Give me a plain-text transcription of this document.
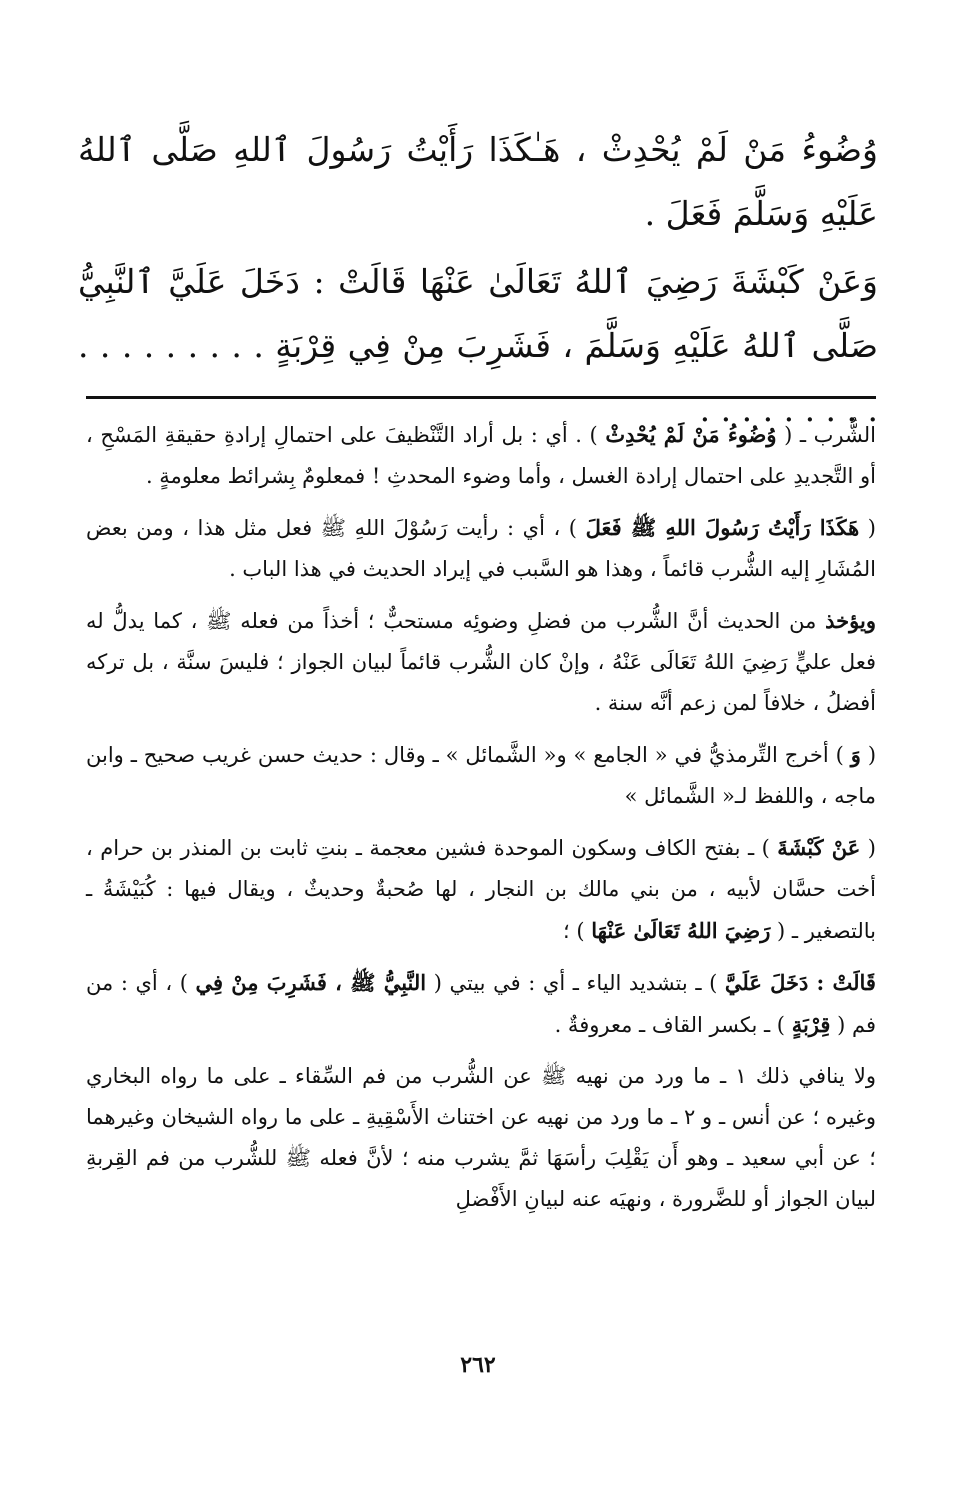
وُضُوءُ مَنْ لَمْ يُحْدِثْ ، هَـٰكَذَا رَأَيْتُ رَسُولَ ٱللهِ صَلَّى ٱللهُ عَلَيْهِ وَسَلَّمَ فَعَلَ .

وَعَنْ كَبْشَةَ رَضِيَ ٱللهُ تَعَالَىٰ عَنْهَا قَالَتْ : دَخَلَ عَلَيَّ ٱلنَّبِيُّ صَلَّى ٱللهُ عَلَيْهِ وَسَلَّمَ ، فَشَرِبَ مِنْ فِي قِرْبَةٍ . . . . . . . . . . . . . . . . . .

الشُّرب ـ ( وُضُوءُ مَنْ لَمْ يُحْدِثْ ) . أي : بل أراد التَّنْظيفَ على احتمالِ إرادةِ حقيقةِ المَسْحِ ، أو التَّجديدِ على احتمال إرادة الغسل ، وأما وضوء المحدثِ ! فمعلومٌ بِشرائط معلومةٍ .

( هَكَذَا رَأَيْتُ رَسُولَ اللهِ ﷺ فَعَلَ ) ، أي : رأيت رَسُوْلَ اللهِ ﷺ فعل مثل هذا ، ومن بعض المُشَارِ إليه الشُّرب قائماً ، وهذا هو السَّبب في إيراد الحديث في هذا الباب .

ويؤخذ من الحديث أنَّ الشُّرب من فضلِ وضوئِه مستحبٌّ ؛ أخذاً من فعله ﷺ ، كما يدلُّ له فعل عليٍّ رَضِيَ اللهُ تَعَالَى عَنْهُ ، وإنْ كان الشُّرب قائماً لبيان الجواز ؛ فليسَ سنَّة ، بل تركه أفضلُ ، خلافاً لمن زعم أنَّه سنة .

( وَ ) أخرج التِّرمذيُّ في « الجامع » و« الشَّمائل » ـ وقال : حديث حسن غريب صحيح ـ وابن ماجه ، واللفظ لـ« الشَّمائل »

( عَنْ كَبْشَةَ ) ـ بفتح الكاف وسكون الموحدة فشين معجمة ـ بنتِ ثابت بن المنذر بن حرام ، أخت حسَّان لأبيه ، من بني مالك بن النجار ، لها صُحبةٌ وحديثٌ ، ويقال فيها : كُبَيْشَةُ ـ بالتصغير ـ ( رَضِيَ اللهُ تَعَالَىٰ عَنْهَا ) ؛

قَالَتْ : دَخَلَ عَلَيَّ ) ـ بتشديد الياء ـ أي : في بيتي ( النَّبِيُّ ﷺ ، فَشَرِبَ مِنْ فِي ) ، أي : من فم ( قِرْبَةٍ ) ـ بكسر القاف ـ معروفةٌ .

ولا ينافي ذلك ١ ـ ما ورد من نهيه ﷺ عن الشُّرب من فم السِّقاء ـ على ما رواه البخاري وغيره ؛ عن أنس ـ و ٢ ـ ما ورد من نهيه عن اختناث الأَسْقِيةِ ـ على ما رواه الشيخان وغيرهما ؛ عن أبي سعيد ـ وهو أَن يَقْلِبَ رأسَهَا ثمَّ يشرب منه ؛ لأنَّ فعله ﷺ للشُّرب من فم القِربةِ لبيان الجواز أو للضَّرورة ، ونهيَه عنه لبيانِ الأَفْضلِ

٢٦٢
